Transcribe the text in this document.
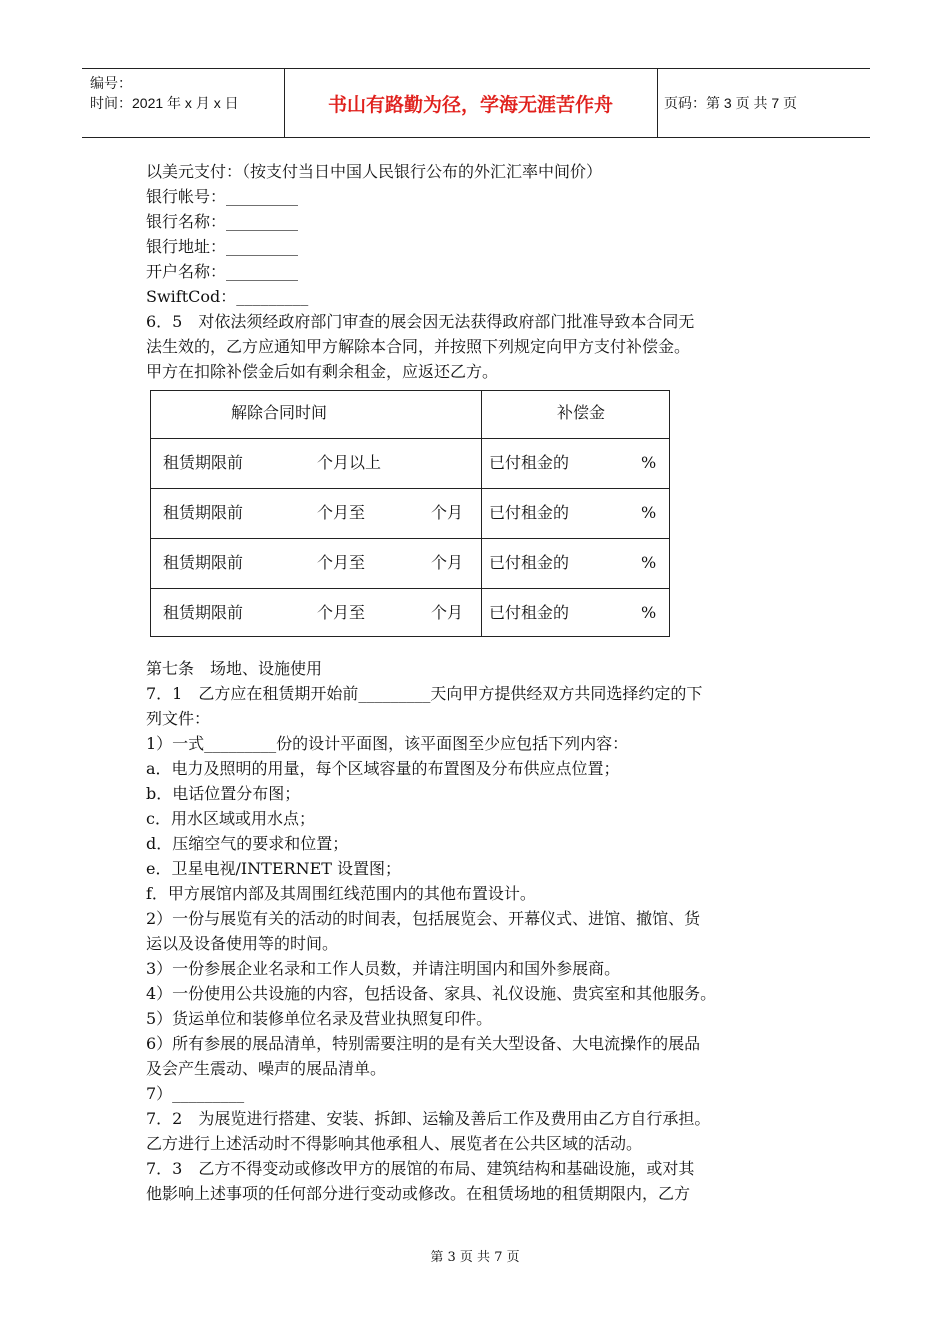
编号：
时间：2021 年 x 月 x 日	书山有路勤为径，学海无涯苦作舟	页码：第 3 页 共 7 页
以美元支付：（按支付当日中国人民银行公布的外汇汇率中间价）
银行帐号：_________
银行名称：_________
银行地址：_________
开户名称：_________
SwiftCod：_________
6．5　对依法须经政府部门审查的展会因无法获得政府部门批准导致本合同无
法生效的，乙方应通知甲方解除本合同，并按照下列规定向甲方支付补偿金。
甲方在扣除补偿金后如有剩余租金，应返还乙方。
解除合同时间	补偿金
租赁期限前	个月以上	已付租金的	%
租赁期限前	个月至	个月 已付租金的	%
租赁期限前	个月至	个月 已付租金的	%
租赁期限前	个月至	个月 已付租金的	%
第七条　场地、设施使用
7．1　乙方应在租赁期开始前_________天向甲方提供经双方共同选择约定的下
列文件：
1）一式_________份的设计平面图，该平面图至少应包括下列内容：
a．电力及照明的用量，每个区域容量的布置图及分布供应点位置；
b．电话位置分布图；
c．用水区域或用水点；
d．压缩空气的要求和位置；
e．卫星电视/INTERNET 设置图；
f．甲方展馆内部及其周围红线范围内的其他布置设计。
2）一份与展览有关的活动的时间表，包括展览会、开幕仪式、进馆、撤馆、货
运以及设备使用等的时间。
3）一份参展企业名录和工作人员数，并请注明国内和国外参展商。
4）一份使用公共设施的内容，包括设备、家具、礼仪设施、贵宾室和其他服务。
5）货运单位和装修单位名录及营业执照复印件。
6）所有参展的展品清单，特别需要注明的是有关大型设备、大电流操作的展品
及会产生震动、噪声的展品清单。
7）_________
7．2　为展览进行搭建、安装、拆卸、运输及善后工作及费用由乙方自行承担。
乙方进行上述活动时不得影响其他承租人、展览者在公共区域的活动。
7．3　乙方不得变动或修改甲方的展馆的布局、建筑结构和基础设施，或对其
他影响上述事项的任何部分进行变动或修改。在租赁场地的租赁期限内，乙方
第 3 页 共 7 页
